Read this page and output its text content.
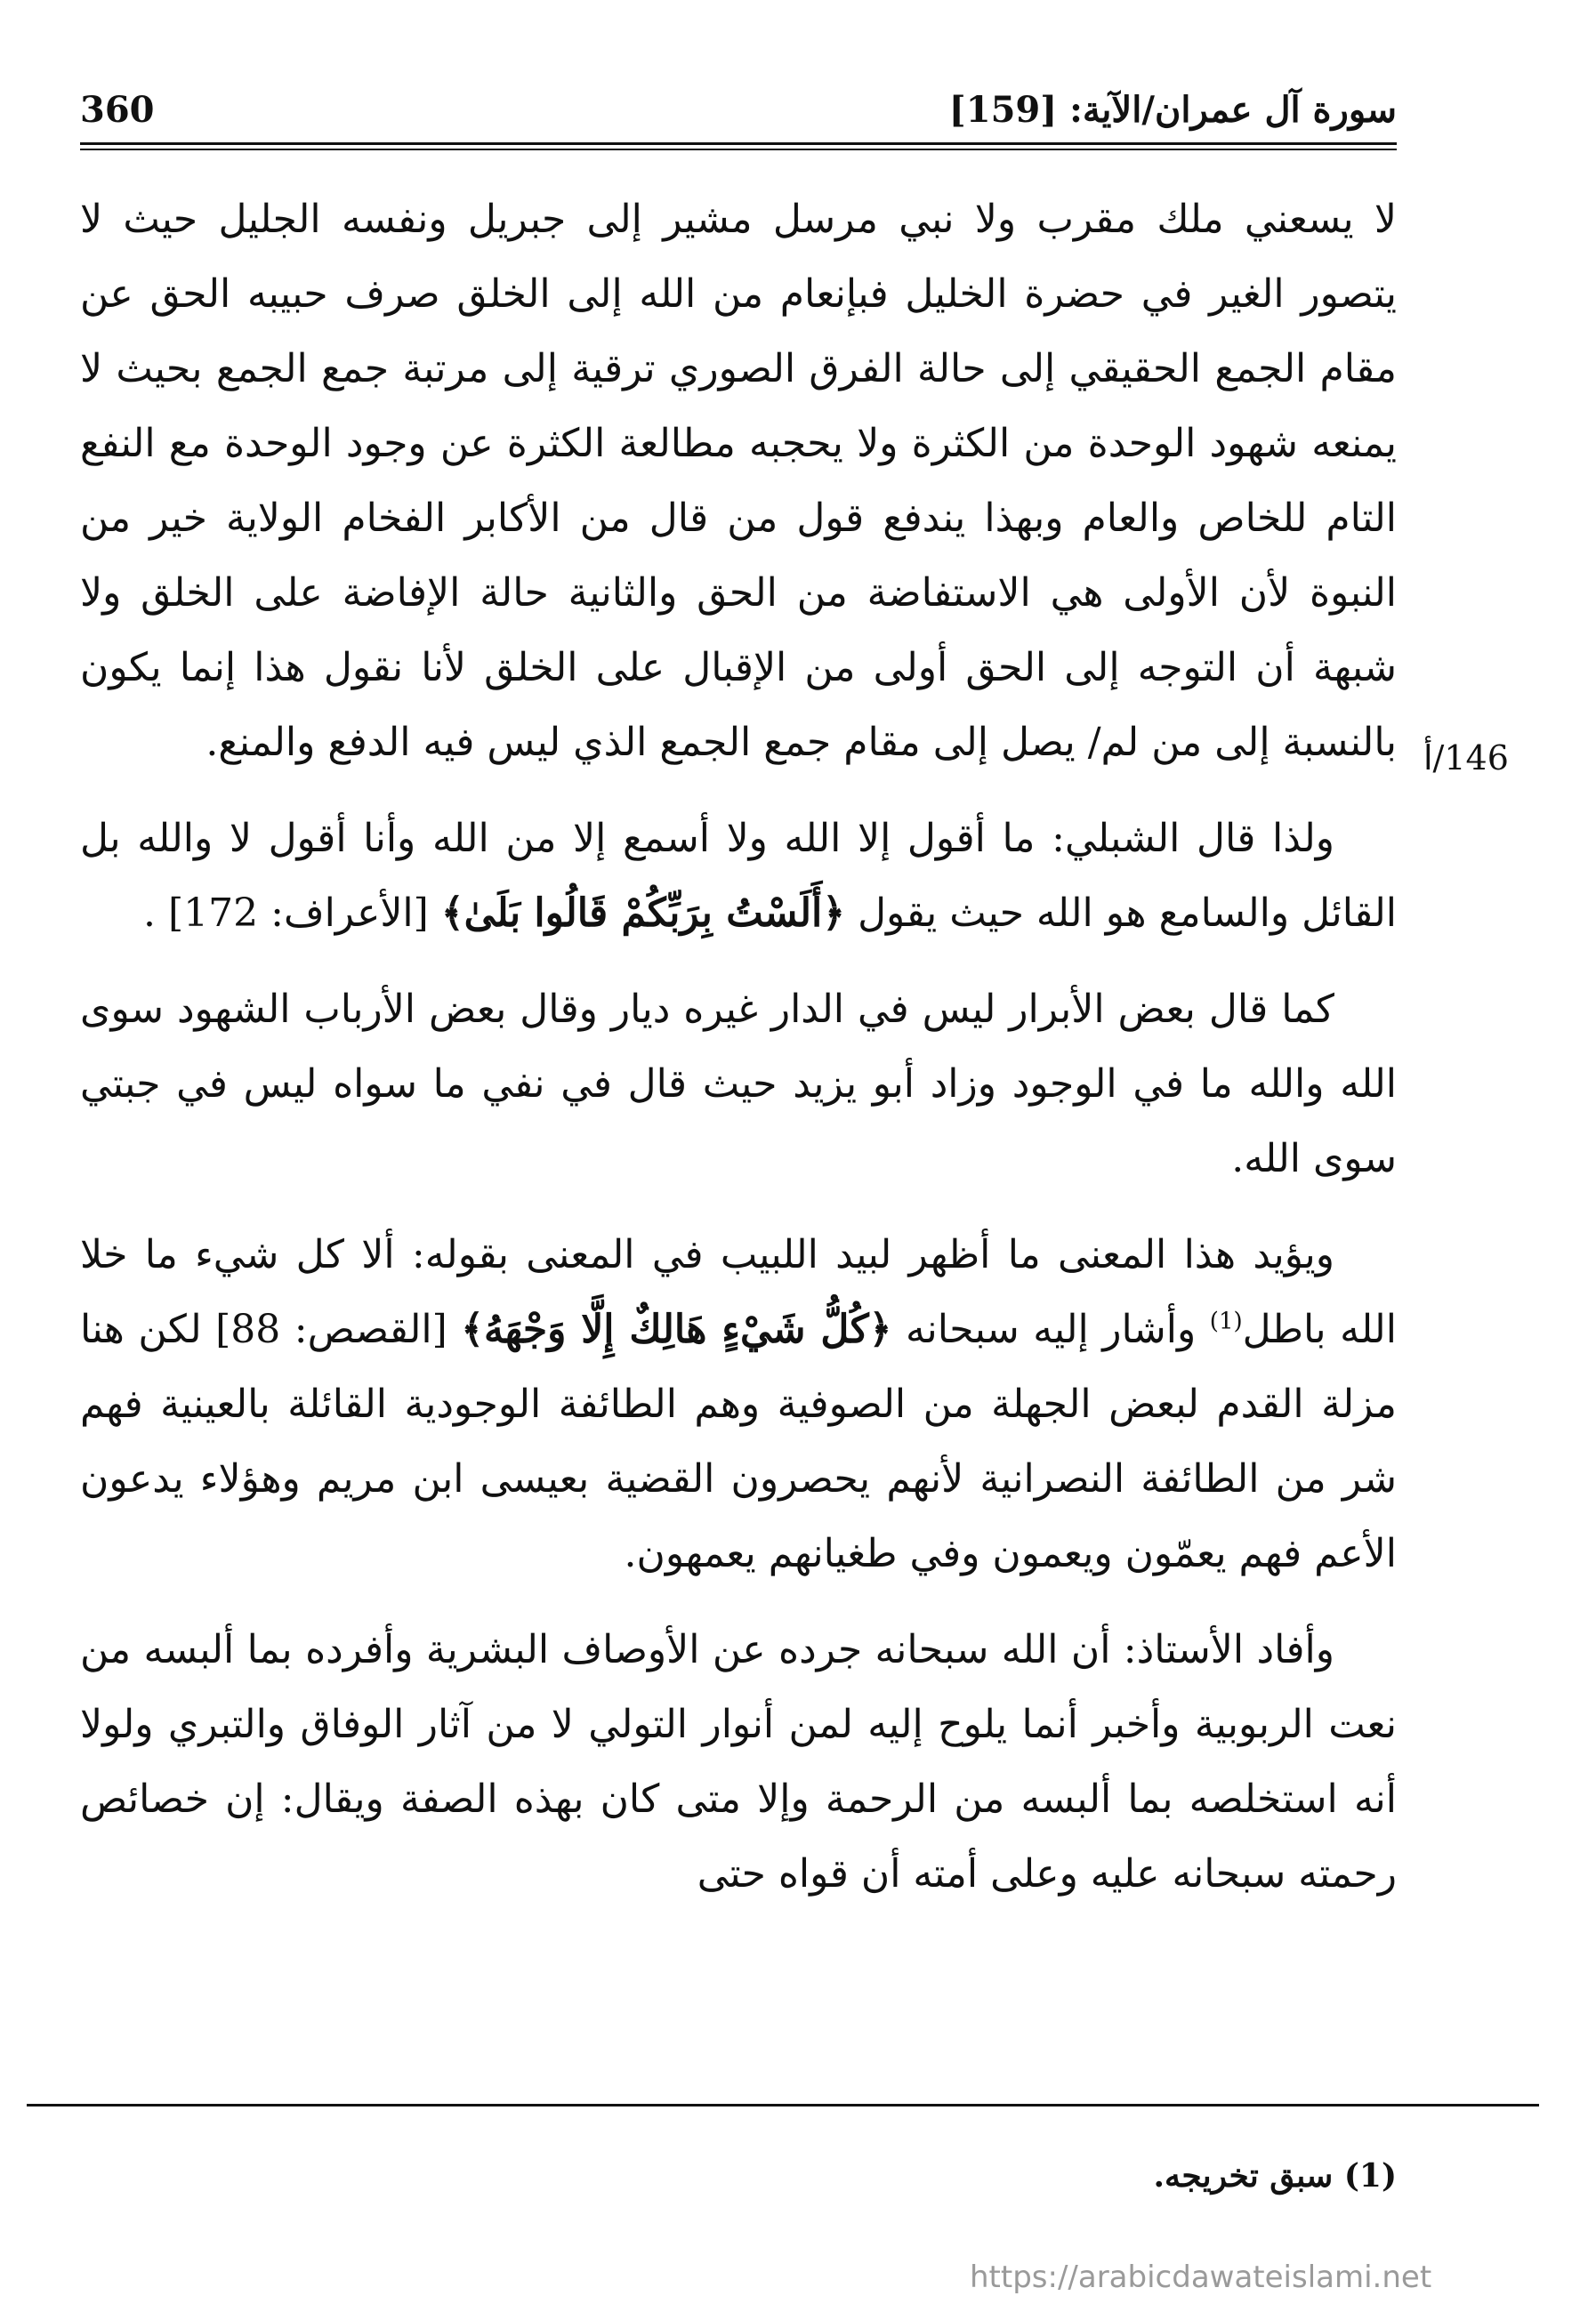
360	سورة آل عمران/الآية: [159]
146/أ

لا يسعني ملك مقرب ولا نبي مرسل مشير إلى جبريل ونفسه الجليل حيث لا يتصور الغير في حضرة الخليل فبإنعام من الله إلى الخلق صرف حبيبه الحق عن مقام الجمع الحقيقي إلى حالة الفرق الصوري ترقية إلى مرتبة جمع الجمع بحيث لا يمنعه شهود الوحدة من الكثرة ولا يحجبه مطالعة الكثرة عن وجود الوحدة مع النفع التام للخاص والعام وبهذا يندفع قول من قال من الأكابر الفخام الولاية خير من النبوة لأن الأولى هي الاستفاضة من الحق والثانية حالة الإفاضة على الخلق ولا شبهة أن التوجه إلى الحق أولى من الإقبال على الخلق لأنا نقول هذا إنما يكون بالنسبة إلى من لم/ يصل إلى مقام جمع الجمع الذي ليس فيه الدفع والمنع.

ولذا قال الشبلي: ما أقول إلا الله ولا أسمع إلا من الله وأنا أقول لا والله بل القائل والسامع هو الله حيث يقول ﴿أَلَسْتُ بِرَبِّكُمْ قَالُوا بَلَىٰ﴾ [الأعراف: 172] .

كما قال بعض الأبرار ليس في الدار غيره ديار وقال بعض الأرباب الشهود سوى الله والله ما في الوجود وزاد أبو يزيد حيث قال في نفي ما سواه ليس في جبتي سوى الله.

ويؤيد هذا المعنى ما أظهر لبيد اللبيب في المعنى بقوله: ألا كل شيء ما خلا الله باطل$^{(1)}$ وأشار إليه سبحانه ﴿كُلُّ شَيْءٍ هَالِكٌ إِلَّا وَجْهَهُ﴾ [القصص: 88] لكن هنا مزلة القدم لبعض الجهلة من الصوفية وهم الطائفة الوجودية القائلة بالعينية فهم شر من الطائفة النصرانية لأنهم يحصرون القضية بعيسى ابن مريم وهؤلاء يدعون الأعم فهم يعمّون ويعمون وفي طغيانهم يعمهون.

وأفاد الأستاذ: أن الله سبحانه جرده عن الأوصاف البشرية وأفرده بما ألبسه من نعت الربوبية وأخبر أنما يلوح إليه لمن أنوار التولي لا من آثار الوفاق والتبري ولولا أنه استخلصه بما ألبسه من الرحمة وإلا متى كان بهذه الصفة ويقال: إن خصائص رحمته سبحانه عليه وعلى أمته أن قواه حتى

(1) سبق تخريجه.
https://arabicdawateislami.net
